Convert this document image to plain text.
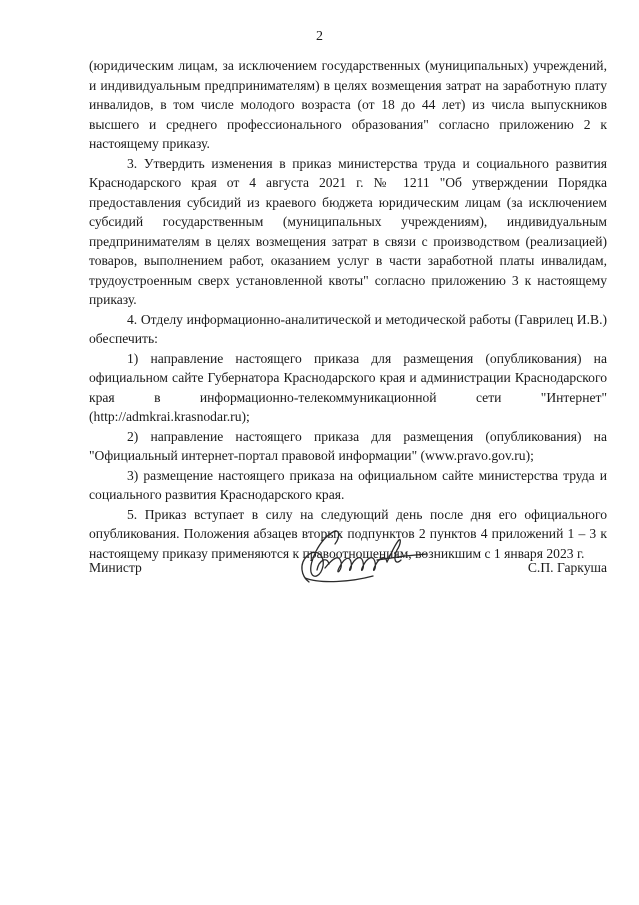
2

(юридическим лицам, за исключением государственных (муниципальных) учреждений, и индивидуальным предпринимателям) в целях возмещения затрат на заработную плату инвалидов, в том числе молодого возраста (от 18 до 44 лет) из числа выпускников высшего и среднего профессионального образования" согласно приложению 2 к настоящему приказу.

3. Утвердить изменения в приказ министерства труда и социального развития Краснодарского края от 4 августа 2021 г. № 1211 "Об утверждении Порядка предоставления субсидий из краевого бюджета юридическим лицам (за исключением субсидий государственным (муниципальных учреждениям), индивидуальным предпринимателям в целях возмещения затрат в связи с производством (реализацией) товаров, выполнением работ, оказанием услуг в части заработной платы инвалидам, трудоустроенным сверх установленной квоты" согласно приложению 3 к настоящему приказу.

4. Отделу информационно-аналитической и методической работы (Гаврилец И.В.) обеспечить:

1) направление настоящего приказа для размещения (опубликования) на официальном сайте Губернатора Краснодарского края и администрации Краснодарского края в информационно-телекоммуникационной сети "Интернет" (http://admkrai.krasnodar.ru);

2) направление настоящего приказа для размещения (опубликования) на "Официальный интернет-портал правовой информации" (www.pravo.gov.ru);

3) размещение настоящего приказа на официальном сайте министерства труда и социального развития Краснодарского края.

5. Приказ вступает в силу на следующий день после дня его официального опубликования. Положения абзацев вторых подпунктов 2 пунктов 4 приложений 1 – 3 к настоящему приказу применяются к правоотношениям, возникшим с 1 января 2023 г.

Министр	С.П. Гаркуша
